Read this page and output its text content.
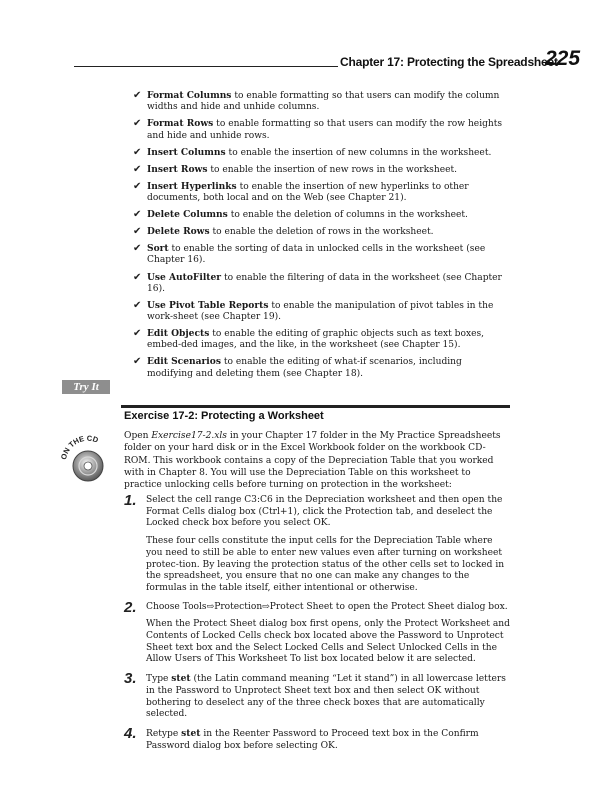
Chapter 17: Protecting the Spreadsheet
225
✔ Format Columns to enable formatting so that users can modify the column widths and hide and unhide columns.
✔ Format Rows to enable formatting so that users can modify the row heights and hide and unhide rows.
✔ Insert Columns to enable the insertion of new columns in the worksheet.
✔ Insert Rows to enable the insertion of new rows in the worksheet.
✔ Insert Hyperlinks to enable the insertion of new hyperlinks to other documents, both local and on the Web (see Chapter 21).
✔ Delete Columns to enable the deletion of columns in the worksheet.
✔ Delete Rows to enable the deletion of rows in the worksheet.
✔ Sort to enable the sorting of data in unlocked cells in the worksheet (see Chapter 16).
✔ Use AutoFilter to enable the filtering of data in the worksheet (see Chapter 16).
✔ Use Pivot Table Reports to enable the manipulation of pivot tables in the work-sheet (see Chapter 19).
✔ Edit Objects to enable the editing of graphic objects such as text boxes, embed-ded images, and the like, in the worksheet (see Chapter 15).
✔ Edit Scenarios to enable the editing of what-if scenarios, including modifying and deleting them (see Chapter 18).
Try It
Exercise 17-2: Protecting a Worksheet
ON THE CD	Open Exercise17-2.xls in your Chapter 17 folder in the My Practice Spreadsheets folder on your hard disk or in the Excel Workbook folder on the workbook CD-ROM. This workbook contains a copy of the Depreciation Table that you worked with in Chapter 8. You will use the Depreciation Table on this worksheet to practice unlocking cells before turning on protection in the worksheet:

1. Select the cell range C3:C6 in the Depreciation worksheet and then open the Format Cells dialog box (Ctrl+1), click the Protection tab, and deselect the Locked check box before you select OK.
These four cells constitute the input cells for the Depreciation Table where you need to still be able to enter new values even after turning on worksheet protec-tion. By leaving the protection status of the other cells set to locked in the spreadsheet, you ensure that no one can make any changes to the formulas in the table itself, either intentional or otherwise.
2. Choose Tools⇨Protection⇨Protect Sheet to open the Protect Sheet dialog box.
When the Protect Sheet dialog box first opens, only the Protect Worksheet and Contents of Locked Cells check box located above the Password to Unprotect Sheet text box and the Select Locked Cells and Select Unlocked Cells in the Allow Users of This Worksheet To list box located below it are selected.
3. Type stet (the Latin command meaning “Let it stand”) in all lowercase letters in the Password to Unprotect Sheet text box and then select OK without bothering to deselect any of the three check boxes that are automatically selected.
4. Retype stet in the Reenter Password to Proceed text box in the Confirm Password dialog box before selecting OK.
